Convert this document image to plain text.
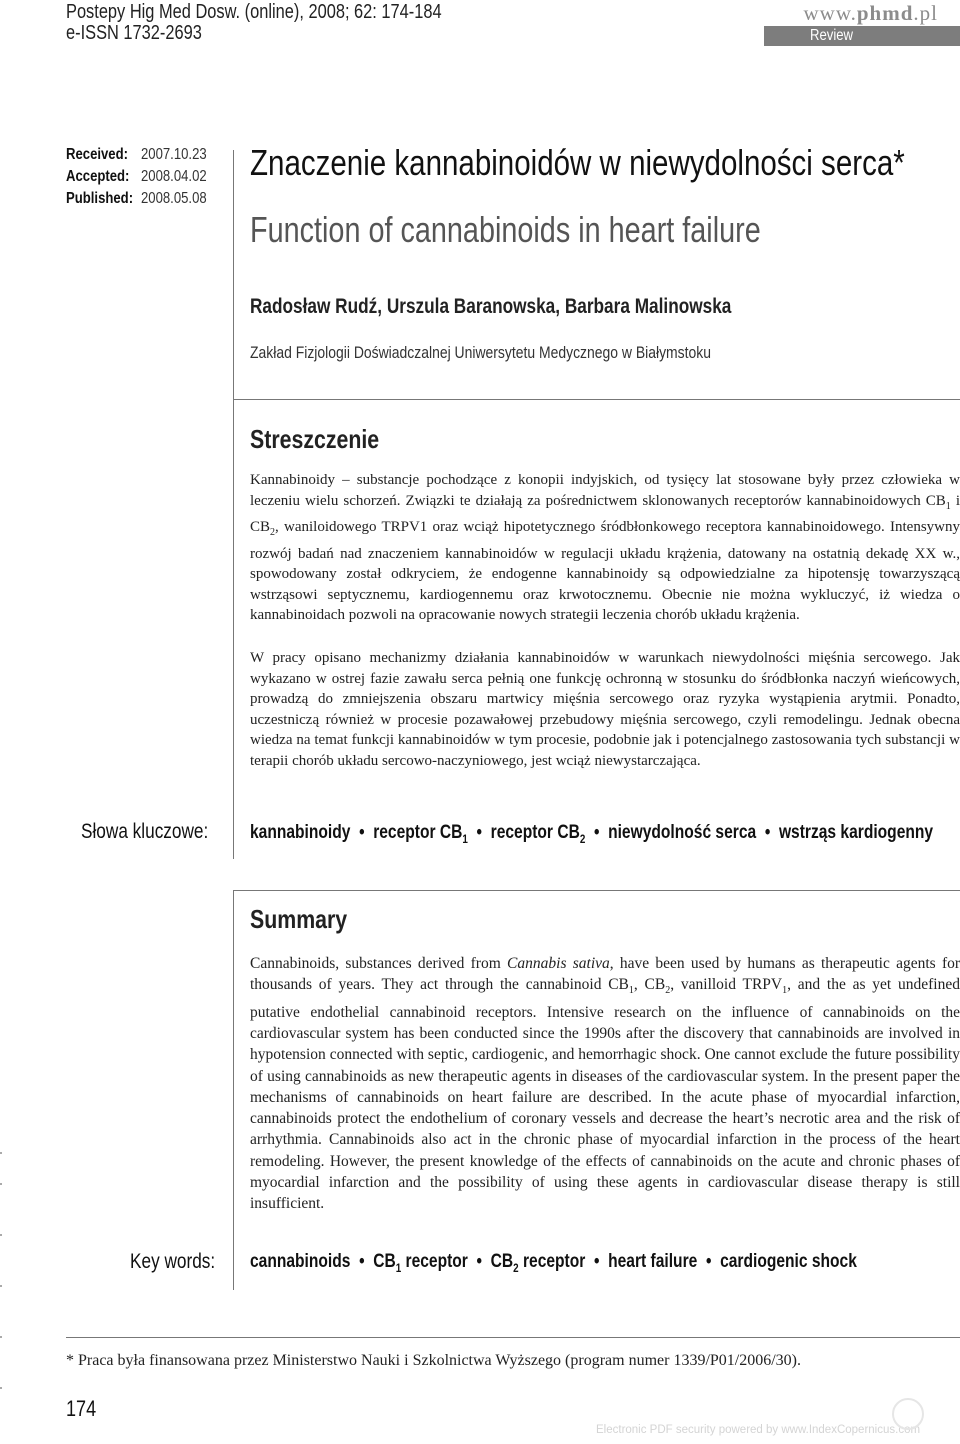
Postepy Hig Med Dosw. (online), 2008; 62: 174-184
e-ISSN 1732-2693
www.phmd.pl
Review
Received: 2007.10.23
Accepted: 2008.04.02
Published: 2008.05.08
Znaczenie kannabinoidów w niewydolności serca*
Function of cannabinoids in heart failure
Radosław Rudź, Urszula Baranowska, Barbara Malinowska
Zakład Fizjologii Doświadczalnej Uniwersytetu Medycznego w Białymstoku
Streszczenie

Kannabinoidy – substancje pochodzące z konopii indyjskich, od tysięcy lat stosowane były przez człowieka w leczeniu wielu schorzeń. Związki te działają za pośrednictwem sklonowanych receptorów kannabinoidowych $CB_1$ i $CB_2$, waniloidowego TRPV1 oraz wciąż hipotetycznego śródbłonkowego receptora kannabinoidowego. Intensywny rozwój badań nad znaczeniem kannabinoidów w regulacji układu krążenia, datowany na ostatnią dekadę XX w., spowodowany został odkryciem, że endogenne kannabinoidy są odpowiedzialne za hipotensję towarzyszącą wstrząsowi septycznemu, kardiogennemu oraz krwotocznemu. Obecnie nie można wykluczyć, iż wiedza o kannabinoidach pozwoli na opracowanie nowych strategii leczenia chorób układu krążenia.

W pracy opisano mechanizmy działania kannabinoidów w warunkach niewydolności mięśnia sercowego. Jak wykazano w ostrej fazie zawału serca pełnią one funkcję ochronną w stosunku do śródbłonka naczyń wieńcowych, prowadzą do zmniejszenia obszaru martwicy mięśnia sercowego oraz ryzyka wystąpienia arytmii. Ponadto, uczestniczą również w procesie pozawałowej przebudowy mięśnia sercowego, czyli remodelingu. Jednak obecna wiedza na temat funkcji kannabinoidów w tym procesie, podobnie jak i potencjalnego zastosowania tych substancji w terapii chorób układu sercowo-naczyniowego, jest wciąż niewystarczająca.

Słowa kluczowe: kannabinoidy • receptor $CB_1$ • receptor $CB_2$ • niewydolność serca • wstrząs kardiogenny
Summary

Cannabinoids, substances derived from Cannabis sativa, have been used by humans as therapeutic agents for thousands of years. They act through the cannabinoid $CB_1$, $CB_2$, vanilloid $TRPV_1$, and the as yet undefined putative endothelial cannabinoid receptors. Intensive research on the influence of cannabinoids on the cardiovascular system has been conducted since the 1990s after the discovery that cannabinoids are involved in hypotension connected with septic, cardiogenic, and hemorrhagic shock. One cannot exclude the future possibility of using cannabinoids as new therapeutic agents in diseases of the cardiovascular system. In the present paper the mechanisms of cannabinoids on heart failure are described. In the acute phase of myocardial infarction, cannabinoids protect the endothelium of coronary vessels and decrease the heart’s necrotic area and the risk of arrhythmia. Cannabinoids also act in the chronic phase of myocardial infarction in the process of the heart remodeling. However, the present knowledge of the effects of cannabinoids on the acute and chronic phases of myocardial infarction and the possibility of using these agents in cardiovascular disease therapy is still insufficient.

Key words: cannabinoids • $CB_1$ receptor • $CB_2$ receptor • heart failure • cardiogenic shock
* Praca była finansowana przez Ministerstwo Nauki i Szkolnictwa Wyższego (program numer 1339/P01/2006/30).
174
Electronic PDF security powered by www.IndexCopernicus.com
